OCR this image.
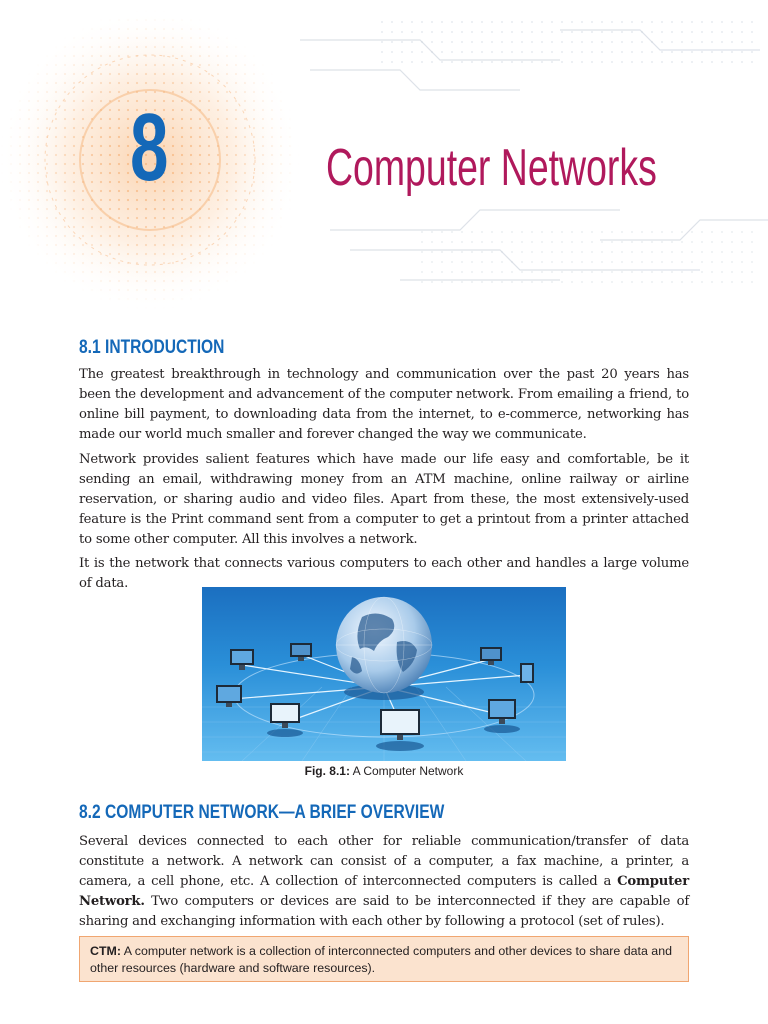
8	Computer Networks
8.1 INTRODUCTION

The greatest breakthrough in technology and communication over the past 20 years has been the development and advancement of the computer network. From emailing a friend, to online bill payment, to downloading data from the internet, to e-commerce, networking has made our world much smaller and forever changed the way we communicate.

Network provides salient features which have made our life easy and comfortable, be it sending an email, withdrawing money from an ATM machine, online railway or airline reservation, or sharing audio and video files. Apart from these, the most extensively-used feature is the Print command sent from a computer to get a printout from a printer attached to some other computer. All this involves a network.

It is the network that connects various computers to each other and handles a large volume of data.

Fig. 8.1: A Computer Network
8.2 COMPUTER NETWORK—A BRIEF OVERVIEW

Several devices connected to each other for reliable communication/transfer of data constitute a network. A network can consist of a computer, a fax machine, a printer, a camera, a cell phone, etc. A collection of interconnected computers is called a Computer Network. Two computers or devices are said to be interconnected if they are capable of sharing and exchanging information with each other by following a protocol (set of rules).

CTM: A computer network is a collection of interconnected computers and other devices to share data and other resources (hardware and software resources).
